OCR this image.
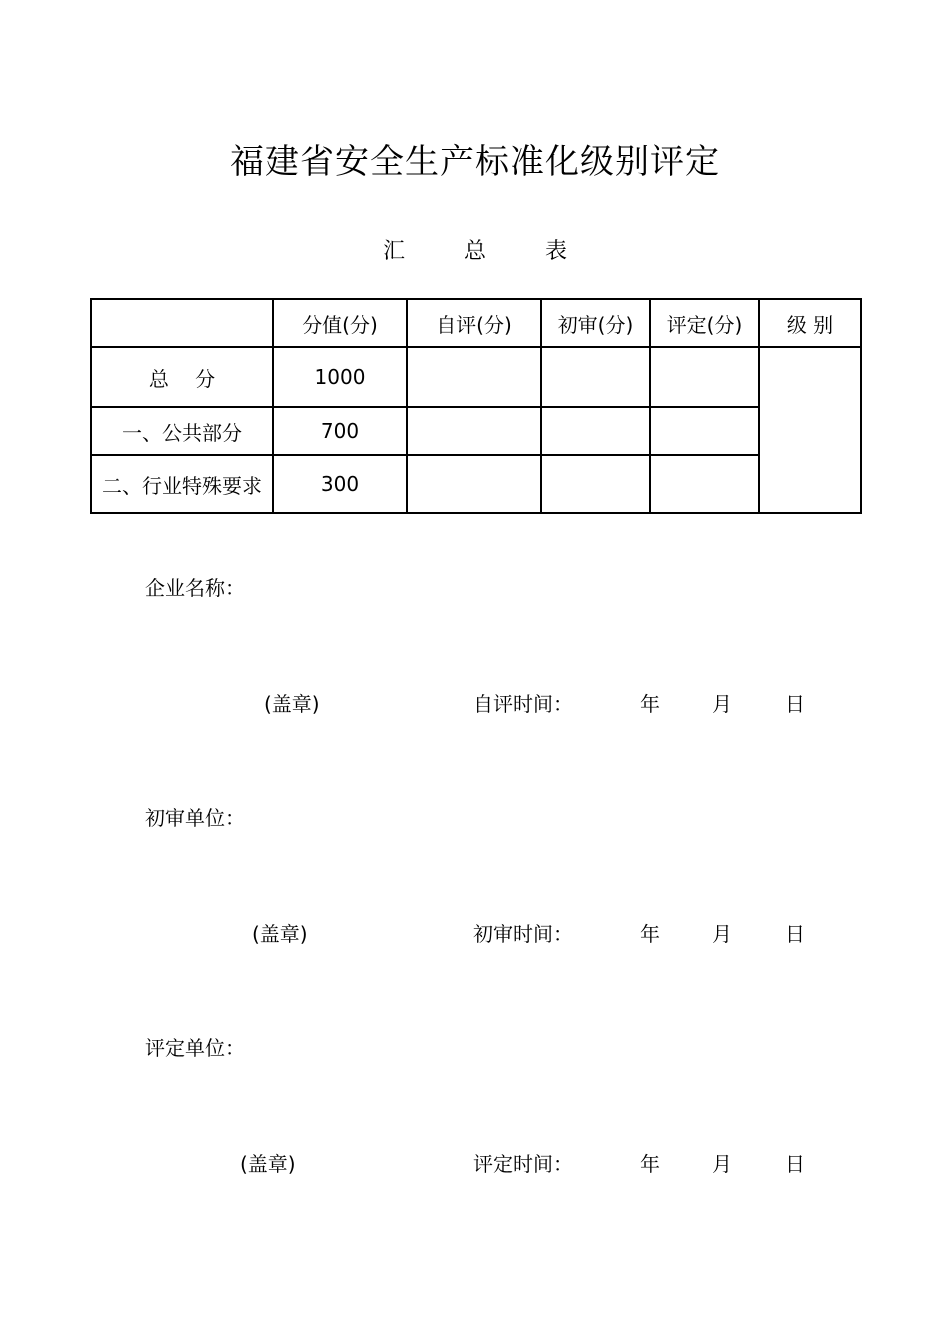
福建省安全生产标准化级别评定
汇 总 表
	分值(分)	自评(分)	初审(分)	评定(分)	级 别
总 分	1000				
一、公共部分	700				
二、行业特殊要求	300				
企业名称：
(盖章)	自评时间：	年	月	日
初审单位：
(盖章)	初审时间：	年	月	日
评定单位：
(盖章)	评定时间：	年	月	日
